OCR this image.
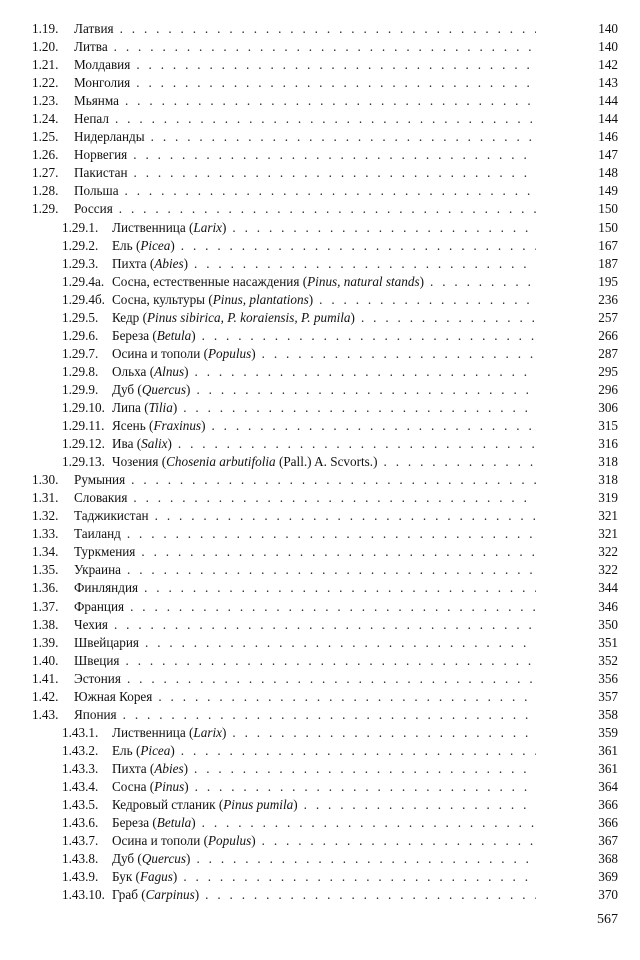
1.19.	Латвия . . .	140
1.20.	Литва . . .	140
1.21.	Молдавия . . .	142
1.22.	Монголия . . .	143
1.23.	Мьянма . . .	144
1.24.	Непал . . .	144
1.25.	Нидерланды . . .	146
1.26.	Норвегия . . .	147
1.27.	Пакистан . . .	148
1.28.	Польша . . .	149
1.29.	Россия . . .	150
1.29.1.	Лиственница (Larix) . . .	150
1.29.2.	Ель (Picea) . . .	167
1.29.3.	Пихта (Abies) . . .	187
1.29.4а. Сосна, естественные насаждения (Pinus, natural stands) . . .	195
1.29.4б. Сосна, культуры (Pinus, plantations) . . .	236
1.29.5.	Кедр (Pinus sibirica, P. koraiensis, P. pumila) . . .	257
1.29.6.	Береза (Betula) . . .	266
1.29.7.	Осина и тополи (Populus) . . .	287
1.29.8.	Ольха (Alnus) . . .	295
1.29.9.	Дуб (Quercus) . . .	296
1.29.10. Липа (Tilia) . . .	306
1.29.11. Ясень (Fraxinus) . . .	315
1.29.12. Ива (Salix) . . .	316
1.29.13. Чозения (Chosenia arbutifolia (Pall.) A. Scvorts.) . . .	318
1.30.	Румыния . . .	318
1.31.	Словакия . . .	319
1.32.	Таджикистан . . .	321
1.33.	Таиланд . . .	321
1.34.	Туркмения . . .	322
1.35.	Украина . . .	322
1.36.	Финляндия . . .	344
1.37.	Франция . . .	346
1.38.	Чехия . . .	350
1.39.	Швейцария . . .	351
1.40.	Швеция . . .	352
1.41.	Эстония . . .	356
1.42.	Южная Корея . . .	357
1.43.	Япония . . .	358
1.43.1.	Лиственница (Larix) . . .	359
1.43.2.	Ель (Picea) . . .	361
1.43.3.	Пихта (Abies) . . .	361
1.43.4.	Сосна (Pinus) . . .	364
1.43.5.	Кедровый стланик (Pinus pumila) . . .	366
1.43.6.	Береза (Betula) . . .	366
1.43.7.	Осина и тополи (Populus) . . .	367
1.43.8.	Дуб (Quercus) . . .	368
1.43.9.	Бук (Fagus) . . .	369
1.43.10. Граб (Carpinus) . . .	370
567
